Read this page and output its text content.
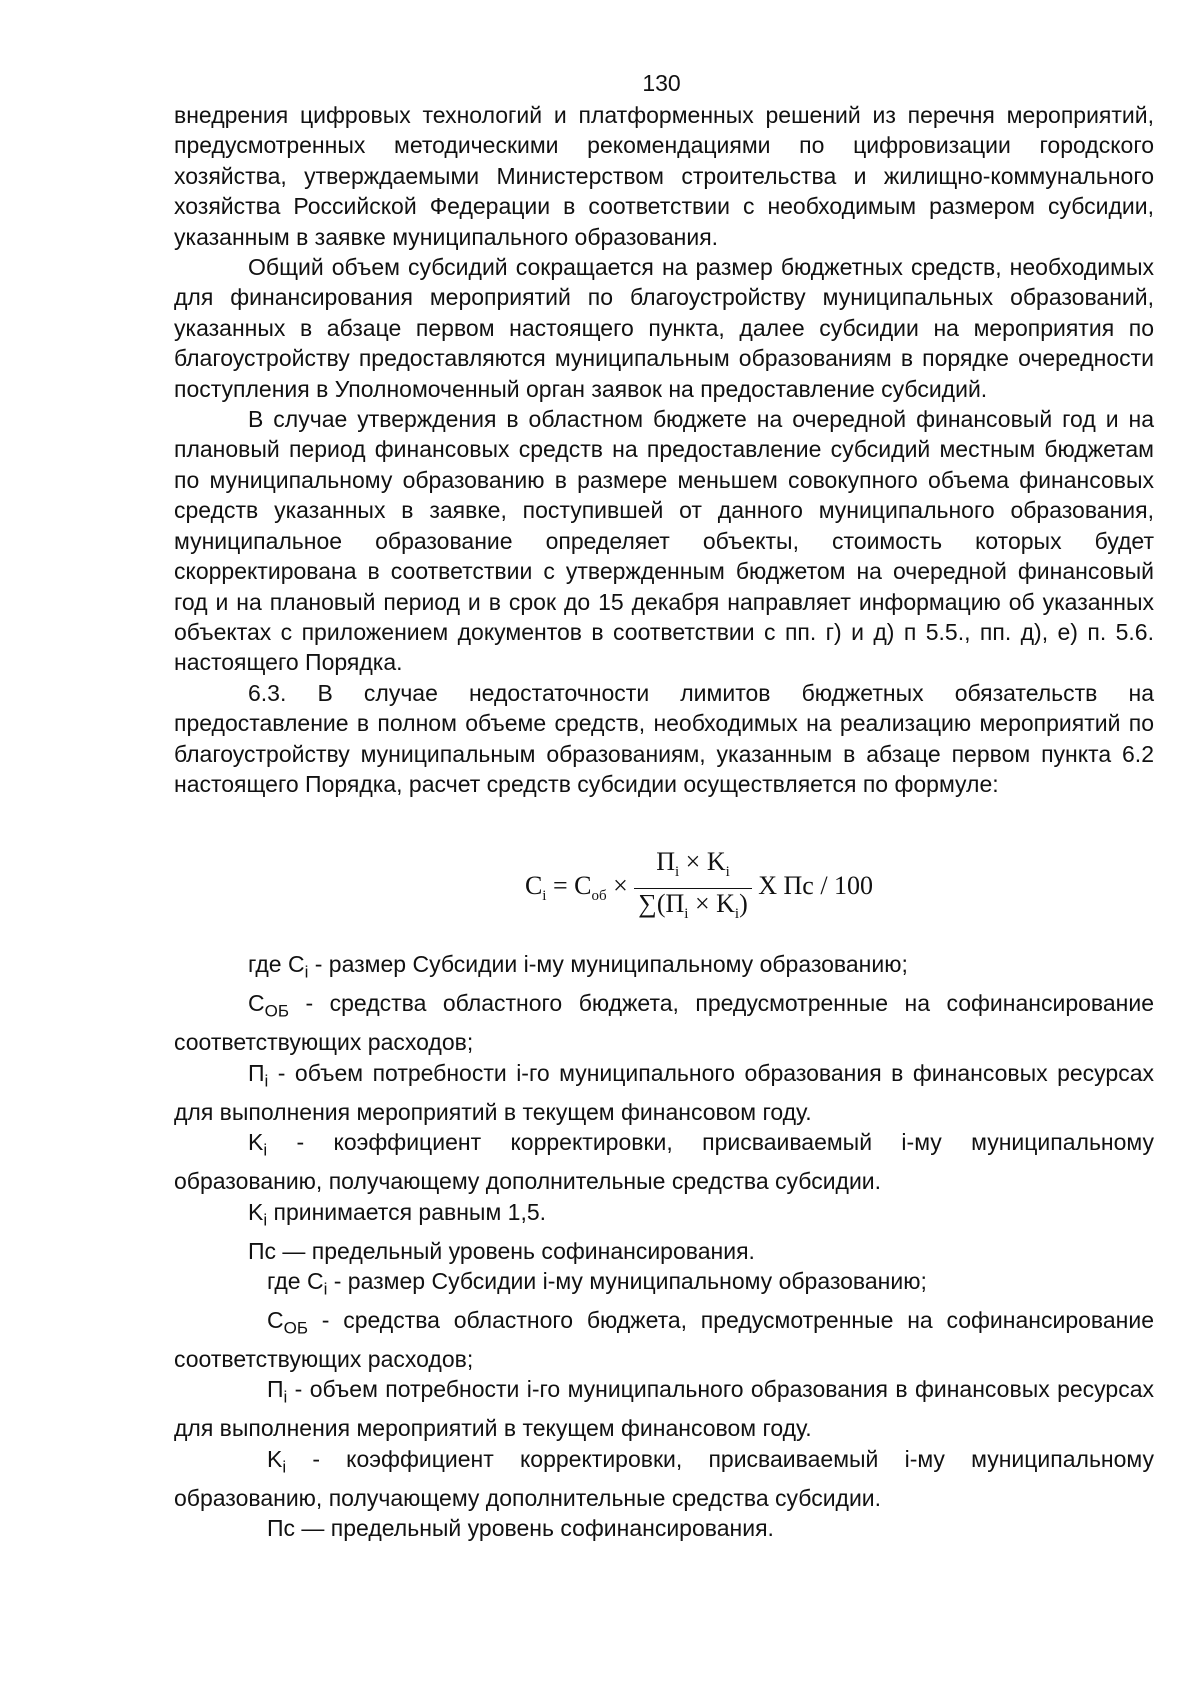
130

внедрения цифровых технологий и платформенных решений из перечня мероприятий, предусмотренных методическими рекомендациями по цифровизации городского хозяйства, утверждаемыми Министерством строительства и жилищно-коммунального хозяйства Российской Федерации в соответствии с необходимым размером субсидии, указанным в заявке муниципального образования.

Общий объем субсидий сокращается на размер бюджетных средств, необходимых для финансирования мероприятий по благоустройству муниципальных образований, указанных в абзаце первом настоящего пункта, далее субсидии на мероприятия по благоустройству предоставляются муниципальным образованиям в порядке очередности поступления в Уполномоченный орган заявок на предоставление субсидий.

В случае утверждения в областном бюджете на очередной финансовый год и на плановый период финансовых средств на предоставление субсидий местным бюджетам по муниципальному образованию в размере меньшем совокупного объема финансовых средств указанных в заявке, поступившей от данного муниципального образования, муниципальное образование определяет объекты, стоимость которых будет скорректирована в соответствии с утвержденным бюджетом на очередной финансовый год и на плановый период и в срок до 15 декабря направляет информацию об указанных объектах с приложением документов в соответствии с пп. г) и д) п 5.5., пп. д), е) п. 5.6. настоящего Порядка.

6.3. В случае недостаточности лимитов бюджетных обязательств на предоставление в полном объеме средств, необходимых на реализацию мероприятий по благоустройству муниципальным образованиям, указанным в абзаце первом пункта 6.2 настоящего Порядка, расчет средств субсидии осуществляется по формуле:

$C_i = C_{об} \times \frac{П_i \times K_i}{\sum(П_i \times K_i)}$ Х Пс / 100

где $C_i$ - размер Субсидии i-му муниципальному образованию;

$C_{ОБ}$ - средства областного бюджета, предусмотренные на софинансирование соответствующих расходов;

$П_i$ - объем потребности i-го муниципального образования в финансовых ресурсах для выполнения мероприятий в текущем финансовом году.

$K_i$ - коэффициент корректировки, присваиваемый i-му муниципальному образованию, получающему дополнительные средства субсидии.

$K_i$ принимается равным 1,5.

Пс — предельный уровень софинансирования.

где $C_i$ - размер Субсидии i-му муниципальному образованию;

$C_{ОБ}$ - средства областного бюджета, предусмотренные на софинансирование соответствующих расходов;

$П_i$ - объем потребности i-го муниципального образования в финансовых ресурсах для выполнения мероприятий в текущем финансовом году.

$K_i$ - коэффициент корректировки, присваиваемый i-му муниципальному образованию, получающему дополнительные средства субсидии.

Пс — предельный уровень софинансирования.
